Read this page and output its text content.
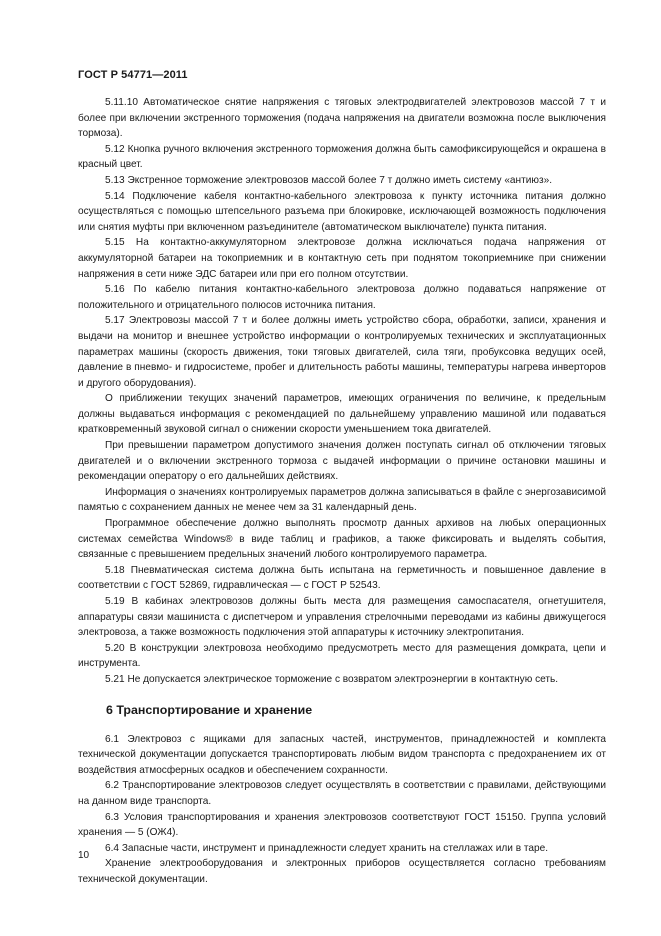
ГОСТ Р 54771—2011

5.11.10 Автоматическое снятие напряжения с тяговых электродвигателей электровозов массой 7 т и более при включении экстренного торможения (подача напряжения на двигатели возможна после выключения тормоза).

5.12 Кнопка ручного включения экстренного торможения должна быть самофиксирующейся и окрашена в красный цвет.

5.13 Экстренное торможение электровозов массой более 7 т должно иметь систему «антиюз».

5.14 Подключение кабеля контактно-кабельного электровоза к пункту источника питания должно осуществляться с помощью штепсельного разъема при блокировке, исключающей возможность подключения или снятия муфты при включенном разъединителе (автоматическом выключателе) пункта питания.

5.15 На контактно-аккумуляторном электровозе должна исключаться подача напряжения от аккумуляторной батареи на токоприемник и в контактную сеть при поднятом токоприемнике при снижении напряжения в сети ниже ЭДС батареи или при его полном отсутствии.

5.16 По кабелю питания контактно-кабельного электровоза должно подаваться напряжение от положительного и отрицательного полюсов источника питания.

5.17 Электровозы массой 7 т и более должны иметь устройство сбора, обработки, записи, хранения и выдачи на монитор и внешнее устройство информации о контролируемых технических и эксплуатационных параметрах машины (скорость движения, токи тяговых двигателей, сила тяги, пробуксовка ведущих осей, давление в пневмо- и гидросистеме, пробег и длительность работы машины, температуры нагрева инверторов и другого оборудования).

О приближении текущих значений параметров, имеющих ограничения по величине, к предельным должны выдаваться информация с рекомендацией по дальнейшему управлению машиной или подаваться кратковременный звуковой сигнал о снижении скорости уменьшением тока двигателей.

При превышении параметром допустимого значения должен поступать сигнал об отключении тяговых двигателей и о включении экстренного тормоза с выдачей информации о причине остановки машины и рекомендации оператору о его дальнейших действиях.

Информация о значениях контролируемых параметров должна записываться в файле с энергозависимой памятью с сохранением данных не менее чем за 31 календарный день.

Программное обеспечение должно выполнять просмотр данных архивов на любых операционных системах семейства Windows® в виде таблиц и графиков, а также фиксировать и выделять события, связанные с превышением предельных значений любого контролируемого параметра.

5.18 Пневматическая система должна быть испытана на герметичность и повышенное давление в соответствии с ГОСТ 52869, гидравлическая — с ГОСТ Р 52543.

5.19 В кабинах электровозов должны быть места для размещения самоспасателя, огнетушителя, аппаратуры связи машиниста с диспетчером и управления стрелочными переводами из кабины движущегося электровоза, а также возможность подключения этой аппаратуры к источнику электропитания.

5.20 В конструкции электровоза необходимо предусмотреть место для размещения домкрата, цепи и инструмента.

5.21 Не допускается электрическое торможение с возвратом электроэнергии в контактную сеть.

6 Транспортирование и хранение

6.1 Электровоз с ящиками для запасных частей, инструментов, принадлежностей и комплекта технической документации допускается транспортировать любым видом транспорта с предохранением их от воздействия атмосферных осадков и обеспечением сохранности.

6.2 Транспортирование электровозов следует осуществлять в соответствии с правилами, действующими на данном виде транспорта.

6.3 Условия транспортирования и хранения электровозов соответствуют ГОСТ 15150. Группа условий хранения — 5 (ОЖ4).

6.4 Запасные части, инструмент и принадлежности следует хранить на стеллажах или в таре.

Хранение электрооборудования и электронных приборов осуществляется согласно требованиям технической документации.

10
